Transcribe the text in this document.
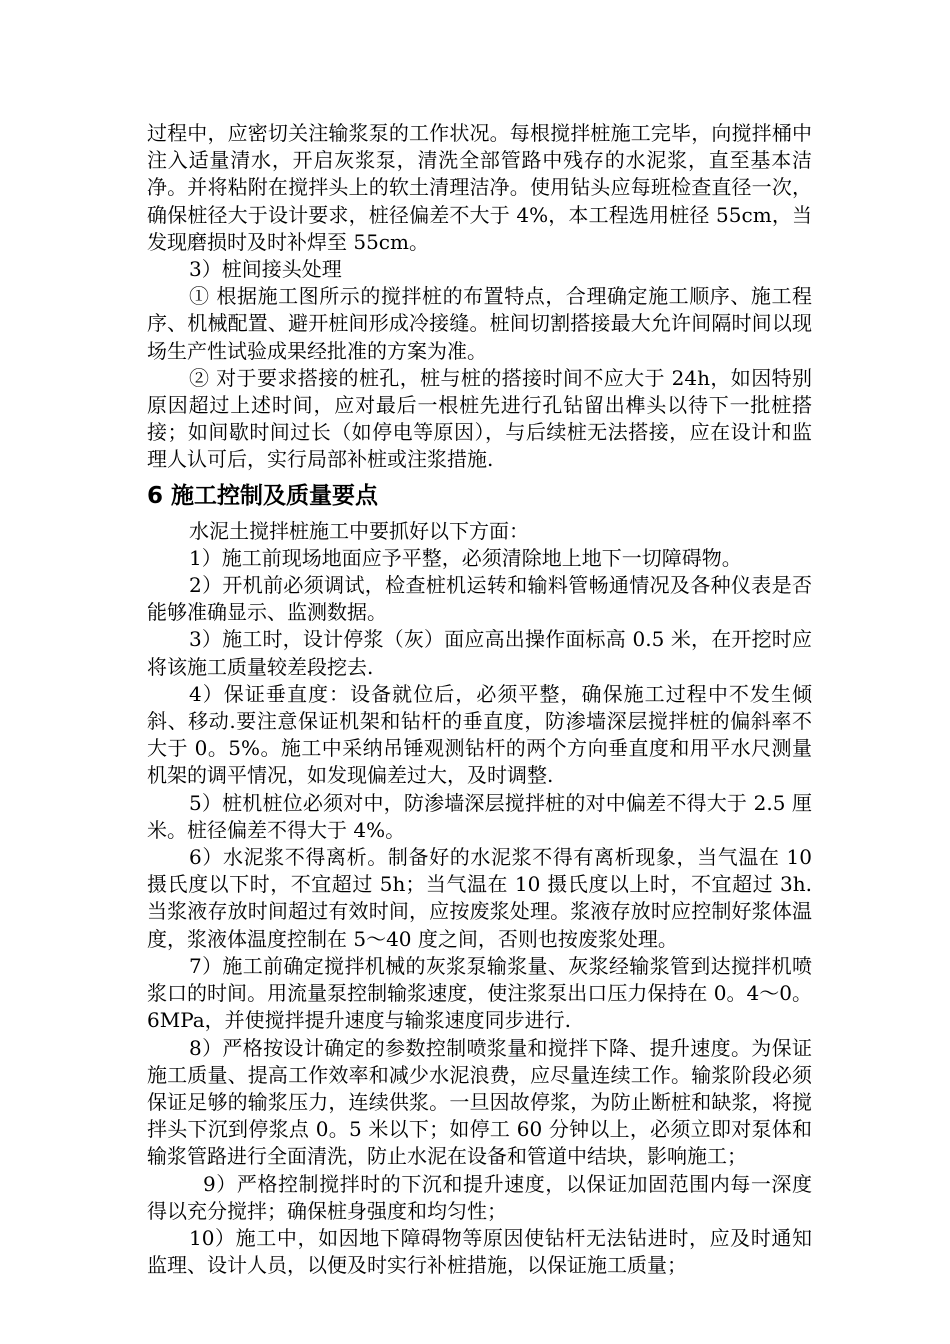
过程中，应密切关注输浆泵的工作状况。每根搅拌桩施工完毕，向搅拌桶中注入适量清水，开启灰浆泵，清洗全部管路中残存的水泥浆，直至基本洁净。并将粘附在搅拌头上的软土清理洁净。使用钻头应每班检查直径一次，确保桩径大于设计要求，桩径偏差不大于 4%，本工程选用桩径 55cm，当发现磨损时及时补焊至 55cm。

3）桩间接头处理

① 根据施工图所示的搅拌桩的布置特点，合理确定施工顺序、施工程序、机械配置、避开桩间形成冷接缝。桩间切割搭接最大允许间隔时间以现场生产性试验成果经批准的方案为准。

② 对于要求搭接的桩孔，桩与桩的搭接时间不应大于 24h，如因特别原因超过上述时间，应对最后一根桩先进行孔钻留出榫头以待下一批桩搭接；如间歇时间过长（如停电等原因），与后续桩无法搭接，应在设计和监理人认可后，实行局部补桩或注浆措施.

6 施工控制及质量要点

水泥土搅拌桩施工中要抓好以下方面：

1）施工前现场地面应予平整，必须清除地上地下一切障碍物。

2）开机前必须调试，检查桩机运转和输料管畅通情况及各种仪表是否能够准确显示、监测数据。

3）施工时，设计停浆（灰）面应高出操作面标高 0.5 米，在开挖时应将该施工质量较差段挖去.

4）保证垂直度：设备就位后，必须平整，确保施工过程中不发生倾斜、移动.要注意保证机架和钻杆的垂直度，防渗墙深层搅拌桩的偏斜率不大于 0。5%。施工中采纳吊锤观测钻杆的两个方向垂直度和用平水尺测量机架的调平情况，如发现偏差过大，及时调整.

5）桩机桩位必须对中，防渗墙深层搅拌桩的对中偏差不得大于 2.5 厘米。桩径偏差不得大于 4%。

6）水泥浆不得离析。制备好的水泥浆不得有离析现象，当气温在 10 摄氏度以下时，不宜超过 5h；当气温在 10 摄氏度以上时，不宜超过 3h.当浆液存放时间超过有效时间，应按废浆处理。浆液存放时应控制好浆体温度，浆液体温度控制在 5～40 度之间，否则也按废浆处理。

7）施工前确定搅拌机械的灰浆泵输浆量、灰浆经输浆管到达搅拌机喷浆口的时间。用流量泵控制输浆速度，使注浆泵出口压力保持在 0。4～0。6MPa，并使搅拌提升速度与输浆速度同步进行.

8）严格按设计确定的参数控制喷浆量和搅拌下降、提升速度。为保证施工质量、提高工作效率和减少水泥浪费，应尽量连续工作。输浆阶段必须保证足够的输浆压力，连续供浆。一旦因故停浆，为防止断桩和缺浆，将搅拌头下沉到停浆点 0。5 米以下；如停工 60 分钟以上，必须立即对泵体和输浆管路进行全面清洗，防止水泥在设备和管道中结块，影响施工；

9）严格控制搅拌时的下沉和提升速度，以保证加固范围内每一深度得以充分搅拌；确保桩身强度和均匀性；

10）施工中，如因地下障碍物等原因使钻杆无法钻进时，应及时通知监理、设计人员，以便及时实行补桩措施，以保证施工质量；
